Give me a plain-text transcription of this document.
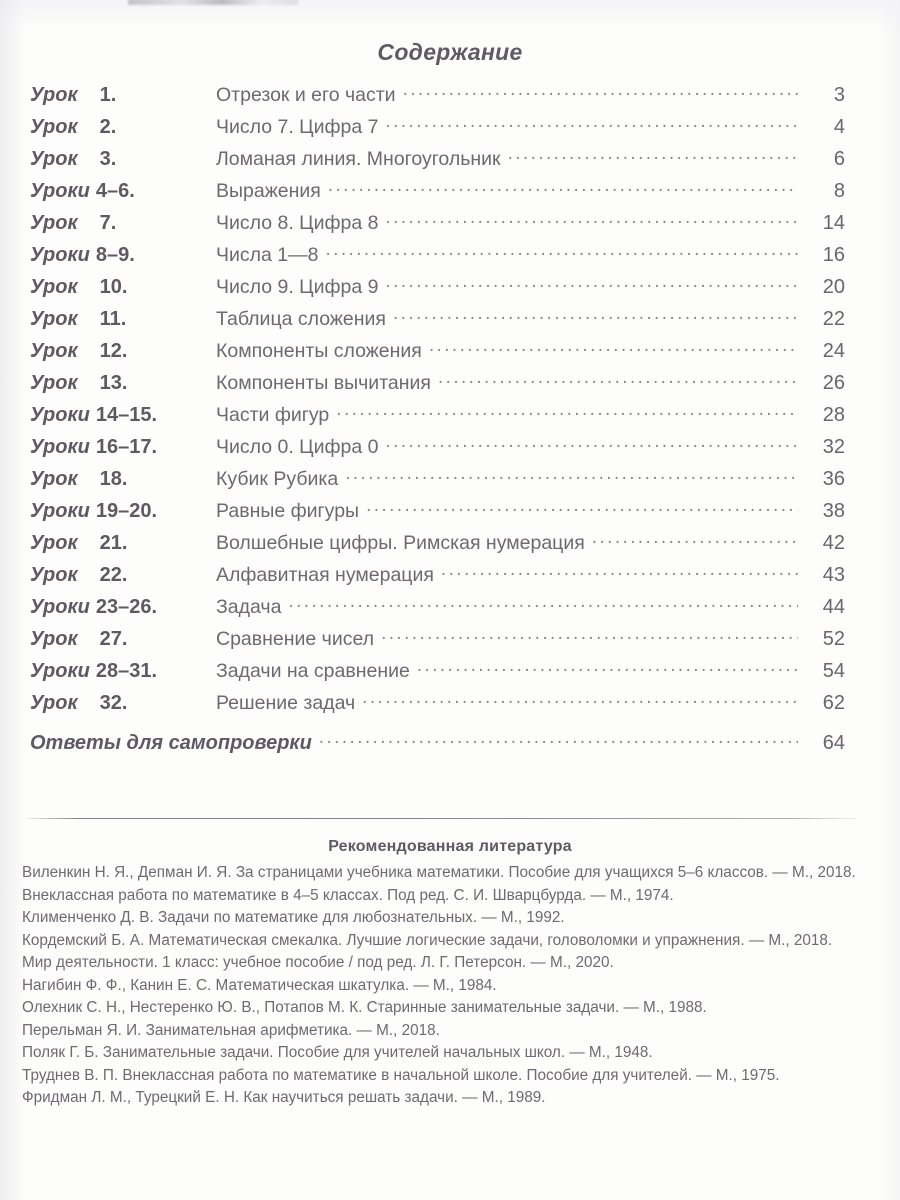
Содержание
Урок 1.	Отрезок и его части .....	3
Урок 2.	Число 7. Цифра 7 .....	4
Урок 3.	Ломаная линия. Многоугольник .....	6
Уроки 4–6.	Выражения .....	8
Урок 7.	Число 8. Цифра 8 .....	14
Уроки 8–9.	Числа 1—8 .....	16
Урок 10.	Число 9. Цифра 9 .....	20
Урок 11.	Таблица сложения .....	22
Урок 12.	Компоненты сложения .....	24
Урок 13.	Компоненты вычитания .....	26
Уроки 14–15.	Части фигур .....	28
Уроки 16–17.	Число 0. Цифра 0 .....	32
Урок 18.	Кубик Рубика .....	36
Уроки 19–20.	Равные фигуры .....	38
Урок 21.	Волшебные цифры. Римская нумерация .....	42
Урок 22.	Алфавитная нумерация .....	43
Уроки 23–26.	Задача .....	44
Урок 27.	Сравнение чисел .....	52
Уроки 28–31.	Задачи на сравнение .....	54
Урок 32.	Решение задач .....	62
Ответы для самопроверки .....	64
Рекомендованная литература

Виленкин Н. Я., Депман И. Я. За страницами учебника математики. Пособие для учащихся 5–6 классов. — М., 2018.

Внеклассная работа по математике в 4–5 классах. Под ред. С. И. Шварцбурда. — М., 1974.

Клименченко Д. В. Задачи по математике для любознательных. — М., 1992.

Кордемский Б. А. Математическая смекалка. Лучшие логические задачи, головоломки и упражнения. — М., 2018.

Мир деятельности. 1 класс: учебное пособие / под ред. Л. Г. Петерсон. — М., 2020.

Нагибин Ф. Ф., Канин Е. С. Математическая шкатулка. — М., 1984.

Олехник С. Н., Нестеренко Ю. В., Потапов М. К. Старинные занимательные задачи. — М., 1988.

Перельман Я. И. Занимательная арифметика. — М., 2018.

Поляк Г. Б. Занимательные задачи. Пособие для учителей начальных школ. — М., 1948.

Труднев В. П. Внеклассная работа по математике в начальной школе. Пособие для учителей. — М., 1975.

Фридман Л. М., Турецкий Е. Н. Как научиться решать задачи. — М., 1989.
